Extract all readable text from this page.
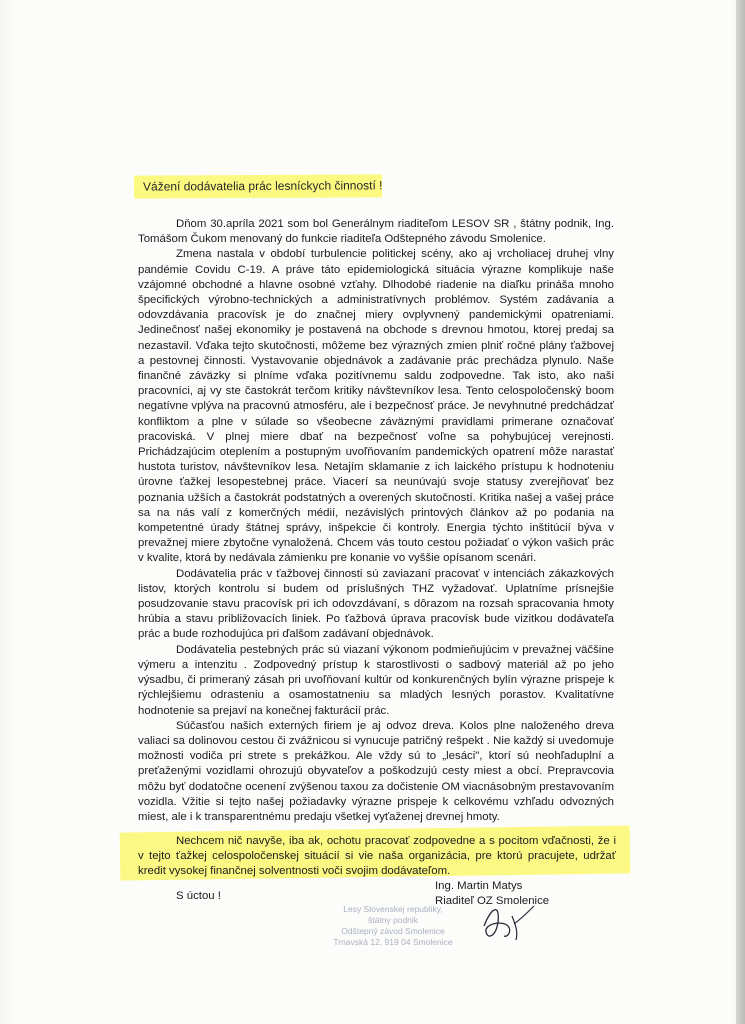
Vážení dodávatelia prác lesníckych činností !

Dňom 30.apríla 2021 som bol Generálnym riaditeľom LESOV SR , štátny podnik, Ing. Tomášom Čukom menovaný do funkcie riaditeľa Odštepného závodu Smolenice.

Zmena nastala v období turbulencie politickej scény, ako aj vrcholiacej druhej vlny pandémie Covidu C-19. A práve táto epidemiologická situácia výrazne komplikuje naše vzájomné obchodné a hlavne osobné vzťahy. Dlhodobé riadenie na diaľku prináša mnoho špecifických výrobno-technických a administratívnych problémov. Systém zadávania a odovzdávania pracovísk je do značnej miery ovplyvnený pandemickými opatreniami. Jedinečnosť našej ekonomiky je postavená na obchode s drevnou hmotou, ktorej predaj sa nezastavil. Vďaka tejto skutočnosti, môžeme bez výrazných zmien plniť ročné plány ťažbovej a pestovnej činnosti. Vystavovanie objednávok a zadávanie prác prechádza plynulo. Naše finančné záväzky si plníme vďaka pozitívnemu saldu zodpovedne. Tak isto, ako naši pracovníci, aj vy ste častokrát terčom kritiky návštevníkov lesa. Tento celospoločenský boom negatívne vplýva na pracovnú atmosféru, ale i bezpečnosť práce. Je nevyhnutné predchádzať konfliktom a plne v súlade so všeobecne záväznými pravidlami primerane označovať pracoviská. V plnej miere dbať na bezpečnosť voľne sa pohybujúcej verejnosti. Prichádzajúcim oteplením a postupným uvoľňovaním pandemických opatrení môže narastať hustota turistov, návštevníkov lesa. Netajím sklamanie z ich laického prístupu k hodnoteniu úrovne ťažkej lesopestebnej práce. Viacerí sa neunúvajú svoje statusy zverejňovať bez poznania užších a častokrát podstatných a overených skutočností. Kritika našej a vašej práce sa na nás valí z komerčných médií, nezávislých printových článkov až po podania na kompetentné úrady štátnej správy, inšpekcie či kontroly. Energia týchto inštitúcií býva v prevažnej miere zbytočne vynaložená. Chcem vás touto cestou požiadať o výkon vašich prác v kvalite, ktorá by nedávala zámienku pre konanie vo vyššie opísanom scenári.

Dodávatelia prác v ťažbovej činnosti sú zaviazaní pracovať v intenciách zákazkových listov, ktorých kontrolu si budem od príslušných THZ vyžadovať. Uplatníme prísnejšie posudzovanie stavu pracovísk pri ich odovzdávaní, s dôrazom na rozsah spracovania hmoty hrúbia a stavu približovacích liniek. Po ťažbová úprava pracovísk bude vizitkou dodávateľa prác a bude rozhodujúca pri ďalšom zadávaní objednávok.

Dodávatelia pestebných prác sú viazaní výkonom podmieňujúcim v prevažnej väčšine výmeru a intenzitu . Zodpovedný prístup k starostlivosti o sadbový materiál až po jeho výsadbu, či primeraný zásah pri uvoľňovaní kultúr od konkurenčných bylín výrazne prispeje k rýchlejšiemu odrasteniu a osamostatneniu sa mladých lesných porastov. Kvalitatívne hodnotenie sa prejaví na konečnej fakturácií prác.

Súčasťou našich externých firiem je aj odvoz dreva. Kolos plne naloženého dreva valiaci sa dolinovou cestou či zvážnicou si vynucuje patričný rešpekt . Nie každý si uvedomuje možnosti vodiča pri strete s prekážkou. Ale vždy sú to „lesáci", ktorí sú neohľaduplní a preťaženými vozidlami ohrozujú obyvateľov a poškodzujú cesty miest a obcí. Prepravcovia môžu byť dodatočne ocenení zvýšenou taxou za dočistenie OM viacnásobným prestavovaním vozidla. Vžitie si tejto našej požiadavky výrazne prispeje k celkovému vzhľadu odvozných miest, ale i k transparentnému predaju všetkej vyťaženej drevnej hmoty.

Nechcem nič navyše, iba ak, ochotu pracovať zodpovedne a s pocitom vďačnosti, že i v tejto ťažkej celospoločenskej situácií si vie naša organizácia, pre ktorú pracujete, udržať kredit vysokej finančnej solventnosti voči svojim dodávateľom.

S úctou !
Lesy Slovenskej republiky,
štátny podnik
Odštepný závod Smolenice
Trnavská 12, 919 04 Smolenice
Ing. Martin Matys
Riaditeľ OZ Smolenice
